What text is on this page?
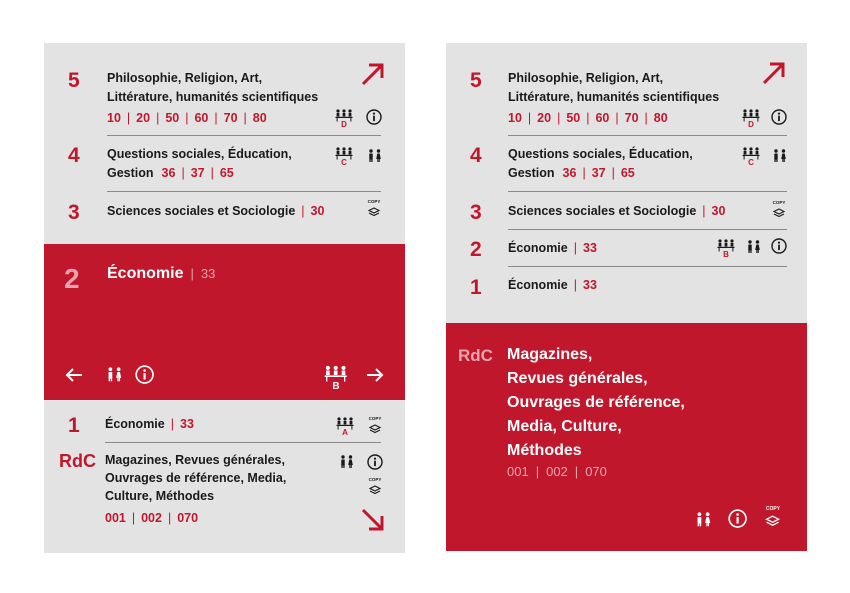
5 Philosophie, Religion, Art,
Littérature, humanités scientifiques
10 | 20 | 50 | 60 | 70 | 80	D
4 Questions sociales, Éducation,
Gestion 36 | 37 | 65
C
3 Sciences sociales et Sociologie | 30
COPY
2 Économie | 33
B
1 Économie | 33
A
COPY
RdC Magazines, Revues générales,
Ouvrages de référence, Media,
Culture, Méthodes
001 | 002 | 070
COPY
5 Philosophie, Religion, Art,
Littérature, humanités scientifiques
10 | 20 | 50 | 60 | 70 | 80	D
4 Questions sociales, Éducation,
Gestion 36 | 37 | 65
C
3 Sciences sociales et Sociologie | 30
COPY
2 Économie | 33	B
1 Économie | 33
RdC Magazines,
Revues générales,
Ouvrages de référence,
Media, Culture,
Méthodes
001 | 002 | 070
COPY
